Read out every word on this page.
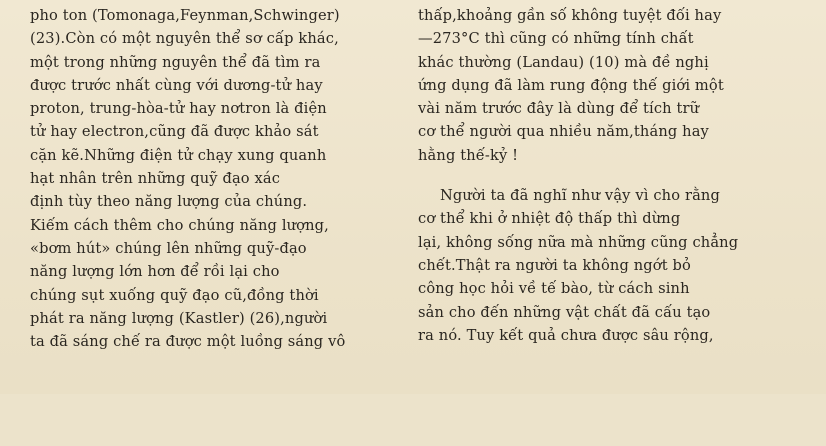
pho ton (Tomonaga,Feynman,Schwinger)
(23).Còn có một nguyên thể sơ cấp khác,
một trong những nguyên thể đã tìm ra
được trước nhất cùng với dương-tử hay
proton, trung-hòa-tử hay nơtron là điện
tử hay electron,cũng đã được khảo sát
cặn kẽ.Những điện tử chạy xung quanh
hạt nhân trên những quỹ đạo xác
định tùy theo năng lượng của chúng.
Kiếm cách thêm cho chúng năng lượng,
«bơm hút» chúng lên những quỹ-đạo
năng lượng lớn hơn để rồi lại cho
chúng sụt xuống quỹ đạo cũ,đồng thời
phát ra năng lượng (Kastler) (26),người
ta đã sáng chế ra được một luồng sáng vô
thấp,khoảng gần số không tuyệt đối hay
—273°C thì cũng có những tính chất
khác thường (Landau) (10) mà đề nghị
ứng dụng đã làm rung động thế giới một
vài năm trước đây là dùng để tích trữ
cơ thể người qua nhiều năm,tháng hay
hằng thế-kỷ !
Người ta đã nghĩ như vậy vì cho rằng
cơ thể khi ở nhiệt độ thấp thì dừng
lại, không sống nữa mà những cũng chẳng
chết.Thật ra người ta không ngớt bỏ
công học hỏi về tế bào, từ cách sinh
sản cho đến những vật chất đã cấu tạo
ra nó. Tuy kết quả chưa được sâu rộng,
